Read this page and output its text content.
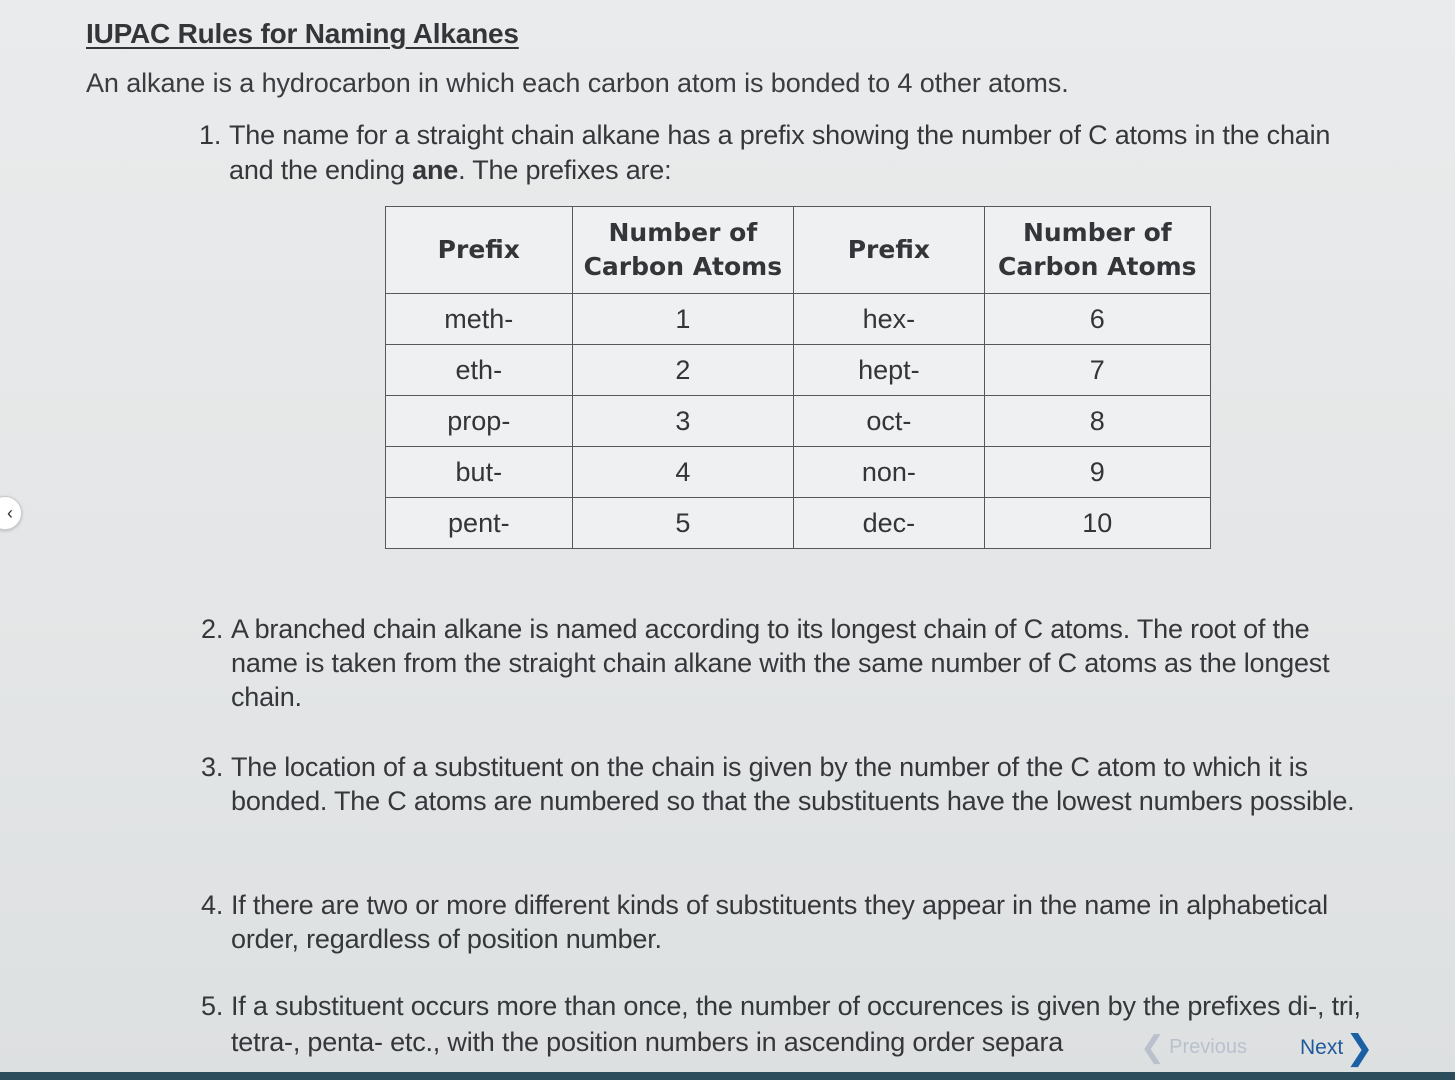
IUPAC Rules for Naming Alkanes
An alkane is a hydrocarbon in which each carbon atom is bonded to 4 other atoms.
1. The name for a straight chain alkane has a prefix showing the number of C atoms in the chain and the ending ane. The prefixes are:
Prefix	Number of Carbon Atoms	Prefix	Number of Carbon Atoms
meth-	1	hex-	6
eth-	2	hept-	7
prop-	3	oct-	8
but-	4	non-	9
pent-	5	dec-	10
2. A branched chain alkane is named according to its longest chain of C atoms. The root of the name is taken from the straight chain alkane with the same number of C atoms as the longest chain.
3. The location of a substituent on the chain is given by the number of the C atom to which it is bonded. The C atoms are numbered so that the substituents have the lowest numbers possible.
4. If there are two or more different kinds of substituents they appear in the name in alphabetical order, regardless of position number.
5. If a substituent occurs more than once, the number of occurences is given by the prefixes di-, tri, tetra-, penta- etc., with the position numbers in ascending order separa
‹
❮ Previous	Next ❯
